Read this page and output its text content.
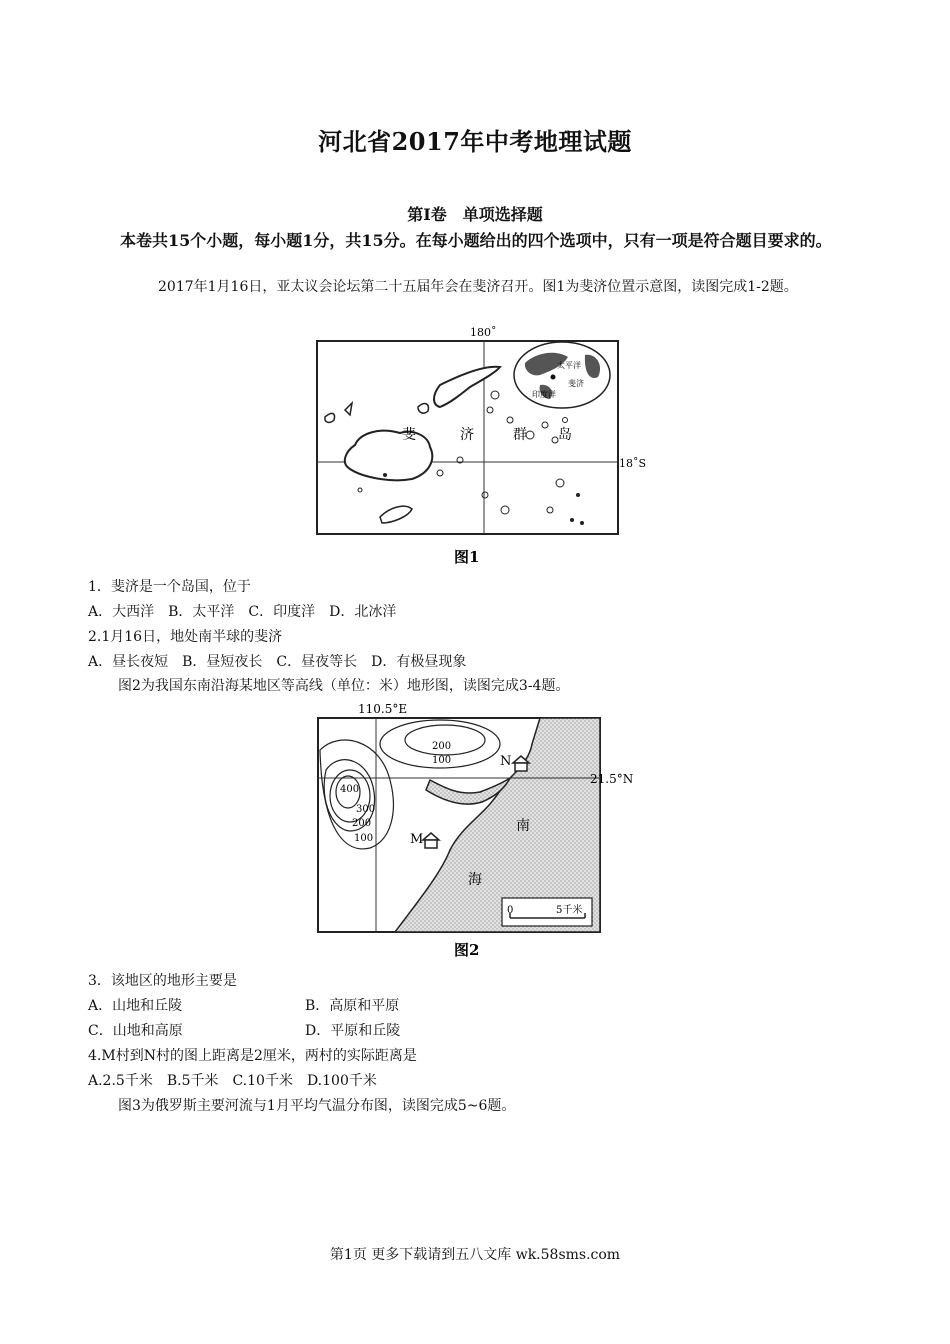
河北省2017年中考地理试题
第Ⅰ卷　单项选择题
本卷共15个小题，每小题1分，共15分。在每小题给出的四个选项中，只有一项是符合题目要求的。
2017年1月16日，亚太议会论坛第二十五届年会在斐济召开。图1为斐济位置示意图，读图完成1-2题。
180˚
18˚S
斐	济	群 岛
太平洋
斐济
印度洋
图1
1．斐济是一个岛国，位于
A．大西洋　B．太平洋　C．印度洋　D．北冰洋
2.1月16日，地处南半球的斐济
A．昼长夜短　B．昼短夜长　C．昼夜等长　D．有极昼现象
图2为我国东南沿海某地区等高线（单位：米）地形图，读图完成3-4题。
110.5°E
21.5°N
400
300
200
100
200
100
M
N
南
海
0	5千米
图2
3．该地区的地形主要是
A．山地和丘陵	B．高原和平原
C．山地和高原	D．平原和丘陵
4.M村到N村的图上距离是2厘米，两村的实际距离是
A.2.5千米　B.5千米　C.10千米　D.100千米
图3为俄罗斯主要河流与1月平均气温分布图，读图完成5~6题。
第1页 更多下载请到五八文库 wk.58sms.com
